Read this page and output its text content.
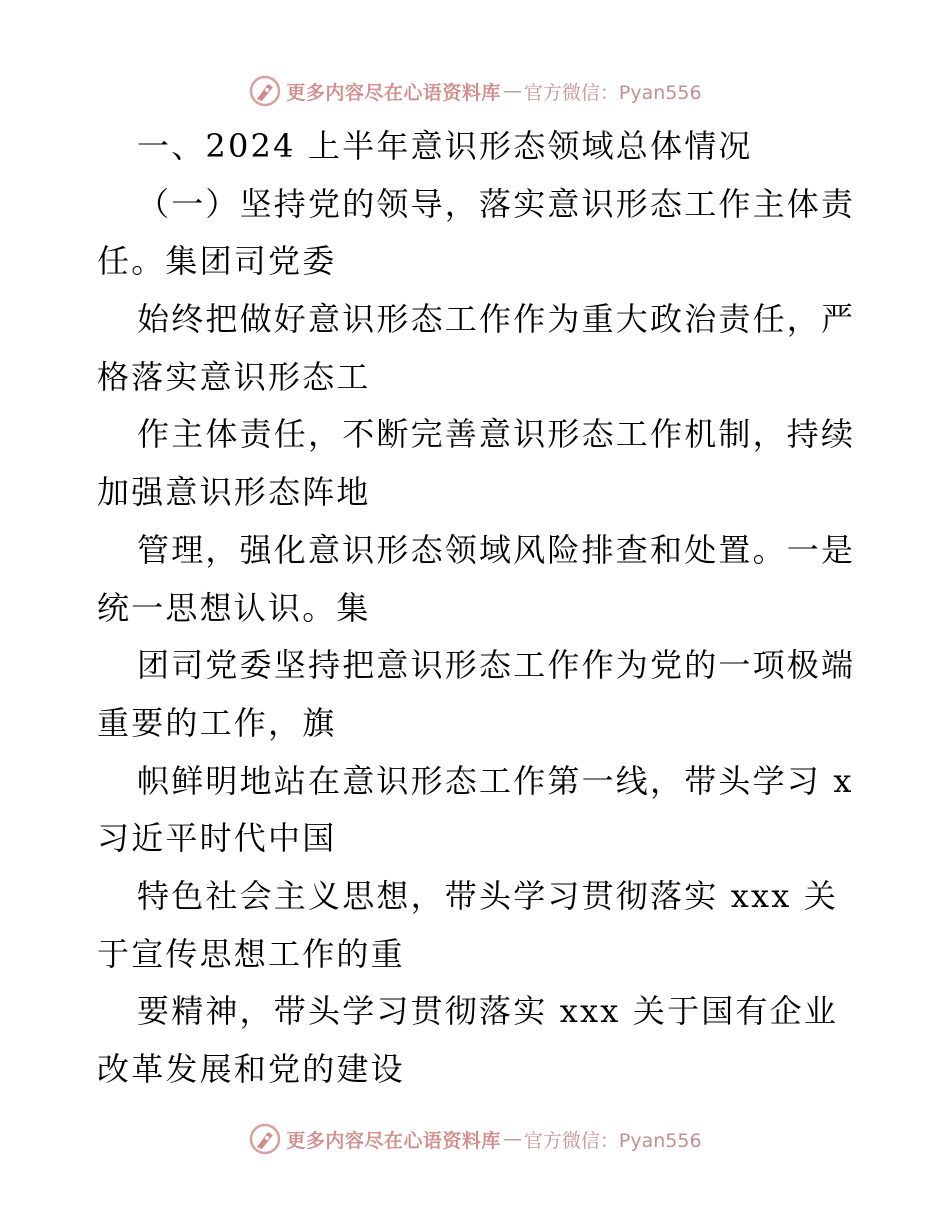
更多内容尽在心语资料库 — 官方微信：Pyan556
一、2024 上半年意识形态领域总体情况
（一）坚持党的领导，落实意识形态工作主体责
任。集团司党委
始终把做好意识形态工作作为重大政治责任，严
格落实意识形态工
作主体责任，不断完善意识形态工作机制，持续
加强意识形态阵地
管理，强化意识形态领域风险排查和处置。一是
统一思想认识。集
团司党委坚持把意识形态工作作为党的一项极端
重要的工作，旗
帜鲜明地站在意识形态工作第一线，带头学习 x
习近平时代中国
特色社会主义思想，带头学习贯彻落实 xxx 关
于宣传思想工作的重
要精神，带头学习贯彻落实 xxx 关于国有企业
改革发展和党的建设
更多内容尽在心语资料库 — 官方微信：Pyan556
